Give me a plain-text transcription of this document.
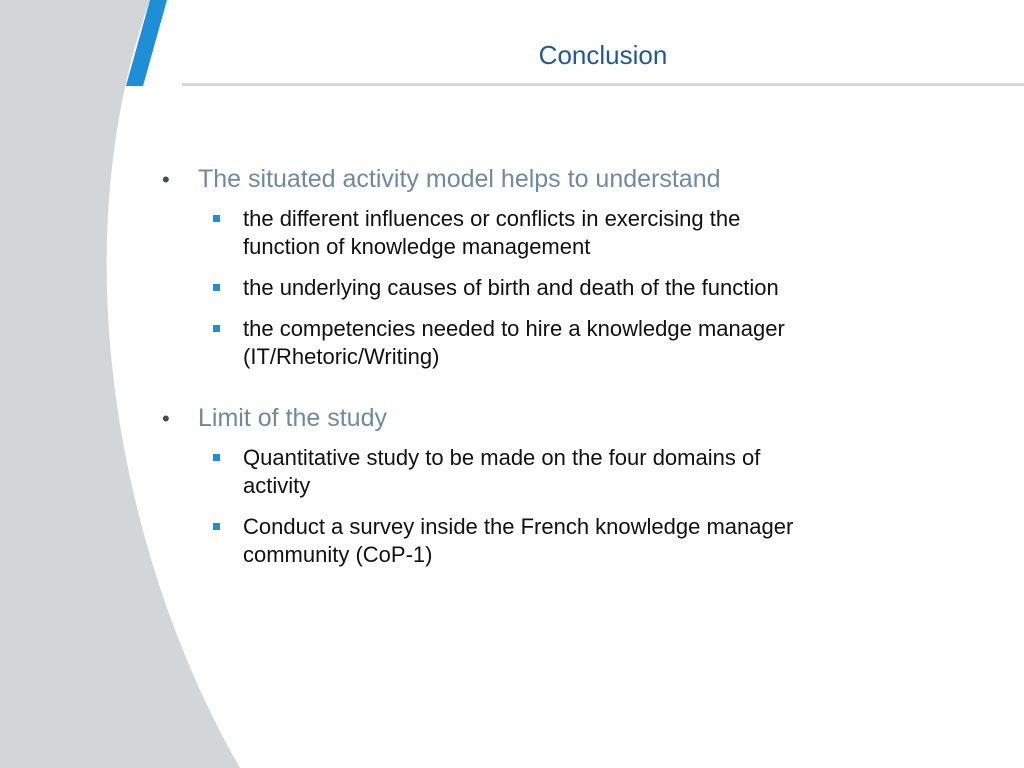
Conclusion
• The situated activity model helps to understand
the different influences or conflicts in exercising the function of knowledge management
the underlying causes of birth and death of the function
the competencies needed to hire a knowledge manager (IT/Rhetoric/Writing)
• Limit of the study
Quantitative study to be made on the four domains of activity
Conduct a survey inside the French knowledge manager community (CoP-1)
